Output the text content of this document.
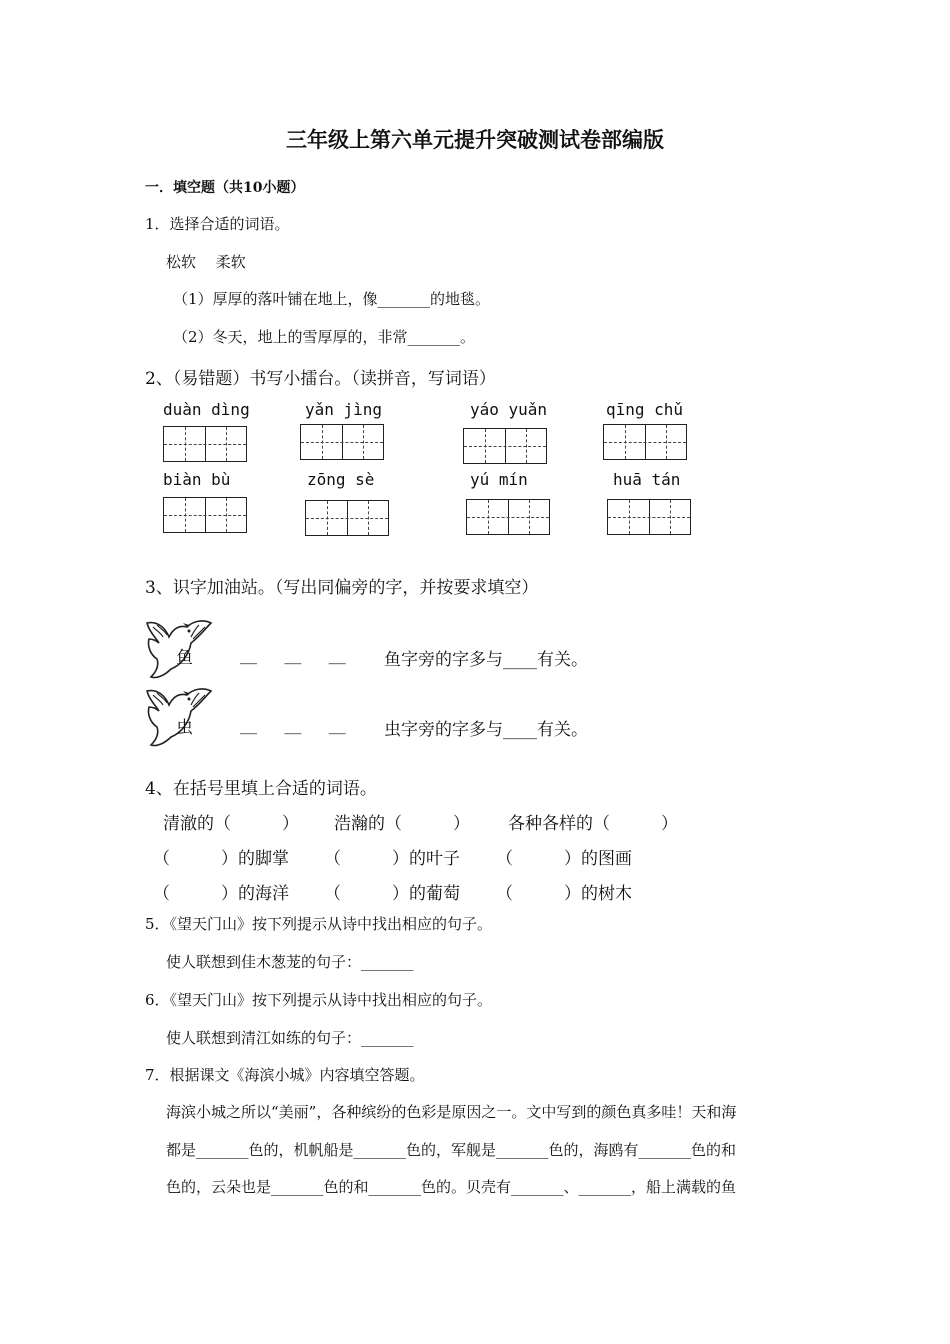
三年级上第六单元提升突破测试卷部编版
一．填空题（共10小题）
1．选择合适的词语。
松软　 柔软
（1）厚厚的落叶铺在地上，像_______的地毯。
（2）冬天，地上的雪厚厚的，非常_______。
2、（易错题）书写小擂台。（读拼音，写词语）
duàn dìng	yǎn jìng	yáo yuǎn	qīng chǔ
biàn bù	zōng sè	yú mín	huā tán
3、识字加油站。（写出同偏旁的字，并按要求填空）
鱼	__ __ __ 鱼字旁的字多与____有关。
虫	__ __ __ 虫字旁的字多与____有关。
4、在括号里填上合适的词语。
清澈的（　　　） 浩瀚的（　　　） 各种各样的（　　　）
（　　　）的脚掌 （　　　）的叶子 （　　　）的图画
（　　　）的海洋 （　　　）的葡萄 （　　　）的树木
5．《望天门山》按下列提示从诗中找出相应的句子。
使人联想到佳木葱茏的句子：_______
6．《望天门山》按下列提示从诗中找出相应的句子。
使人联想到清江如练的句子：_______
7．根据课文《海滨小城》内容填空答题。
海滨小城之所以“美丽”，各种缤纷的色彩是原因之一。文中写到的颜色真多哇！天和海
都是_______色的，机帆船是_______色的，军舰是_______色的，海鸥有_______色的和
色的，云朵也是_______色的和_______色的。贝壳有_______、_______，船上满载的鱼
